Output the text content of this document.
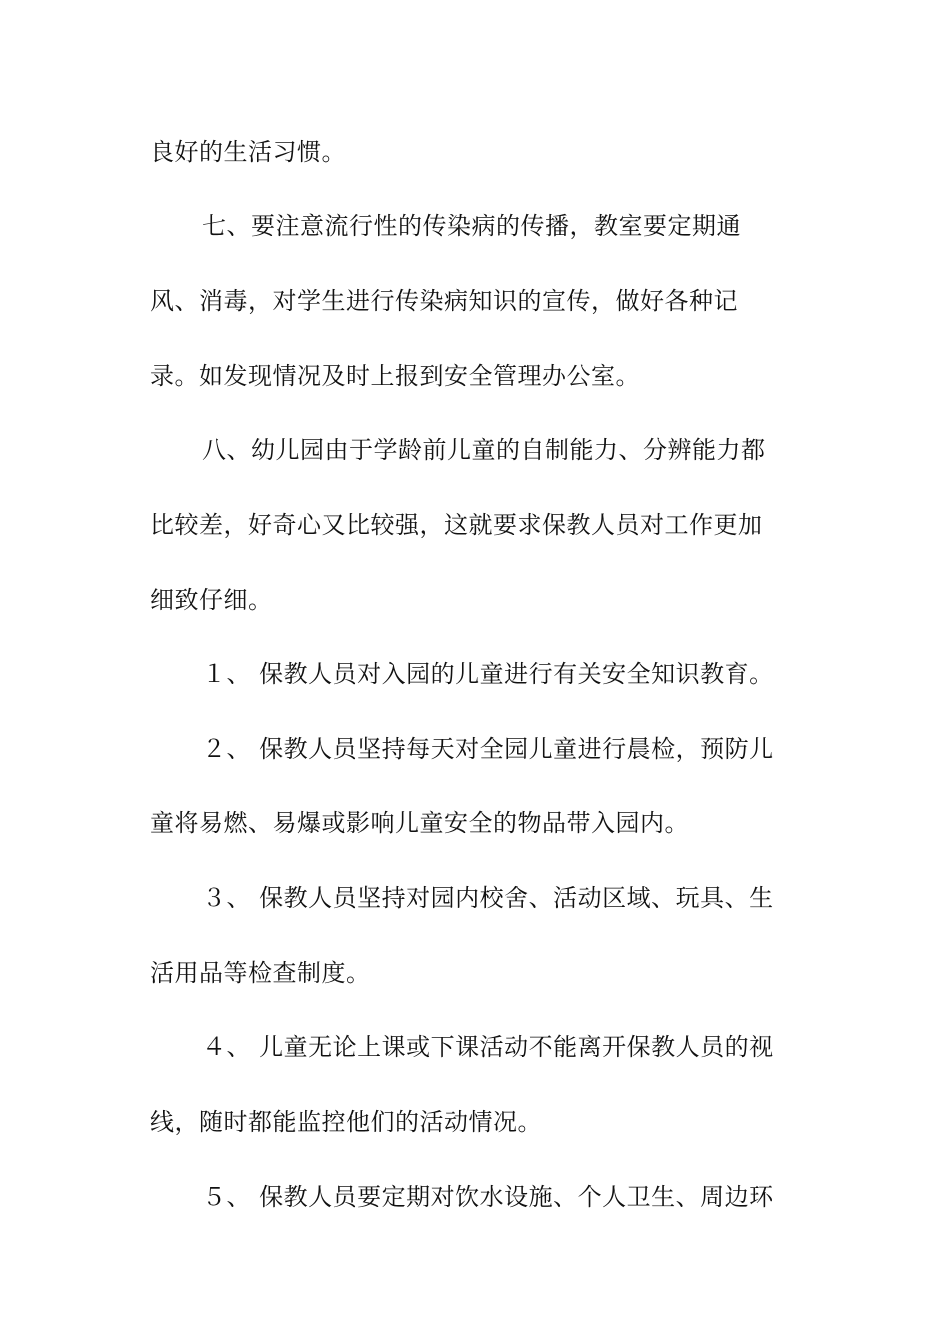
良好的生活习惯。
七、要注意流行性的传染病的传播，教室要定期通
风、消毒，对学生进行传染病知识的宣传，做好各种记
录。如发现情况及时上报到安全管理办公室。
八、幼儿园由于学龄前儿童的自制能力、分辨能力都
比较差，好奇心又比较强，这就要求保教人员对工作更加
细致仔细。
１、 保教人员对入园的儿童进行有关安全知识教育。
２、 保教人员坚持每天对全园儿童进行晨检，预防儿
童将易燃、易爆或影响儿童安全的物品带入园内。
３、 保教人员坚持对园内校舍、活动区域、玩具、生
活用品等检查制度。
４、 儿童无论上课或下课活动不能离开保教人员的视
线，随时都能监控他们的活动情况。
５、 保教人员要定期对饮水设施、个人卫生、周边环
